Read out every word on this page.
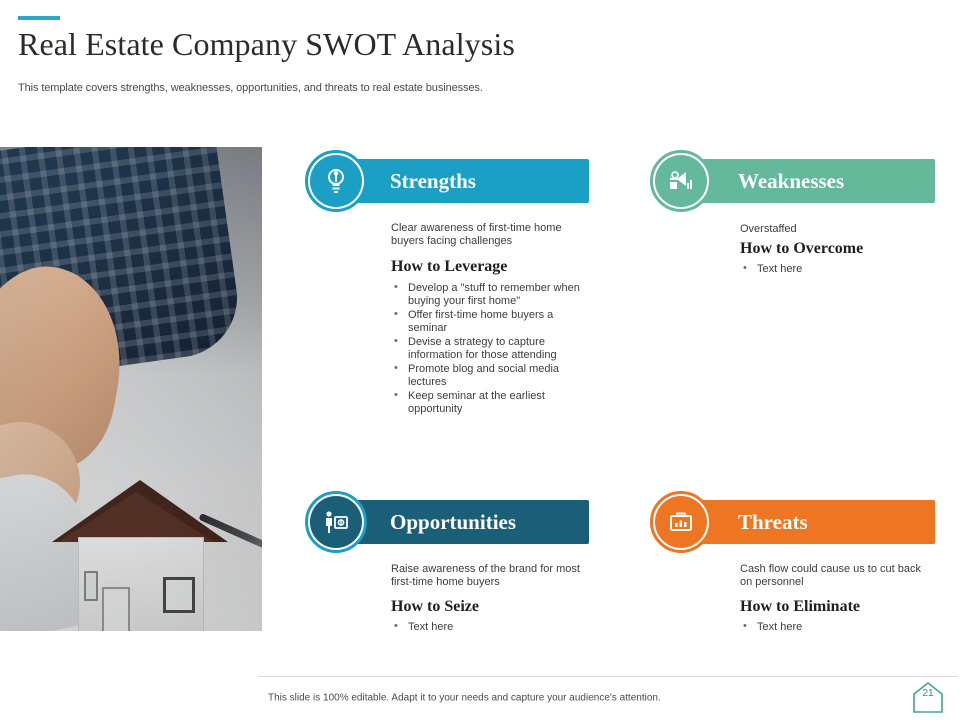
Real Estate Company SWOT Analysis
This template covers strengths, weaknesses, opportunities, and threats to real estate businesses.
Strengths
Clear awareness of first-time home buyers facing challenges
How to Leverage
• Develop a "stuff to remember when buying your first home"
• Offer first-time home buyers a seminar
• Devise a strategy to capture information for those attending
• Promote blog and social media lectures
• Keep seminar at the earliest opportunity
Weaknesses
Overstaffed
How to Overcome
• Text here
Opportunities
Raise awareness of the brand for most first-time home buyers
How to Seize
• Text here
Threats
Cash flow could cause us to cut back on personnel
How to Eliminate
• Text here
This slide is 100% editable. Adapt it to your needs and capture your audience's attention.	21
